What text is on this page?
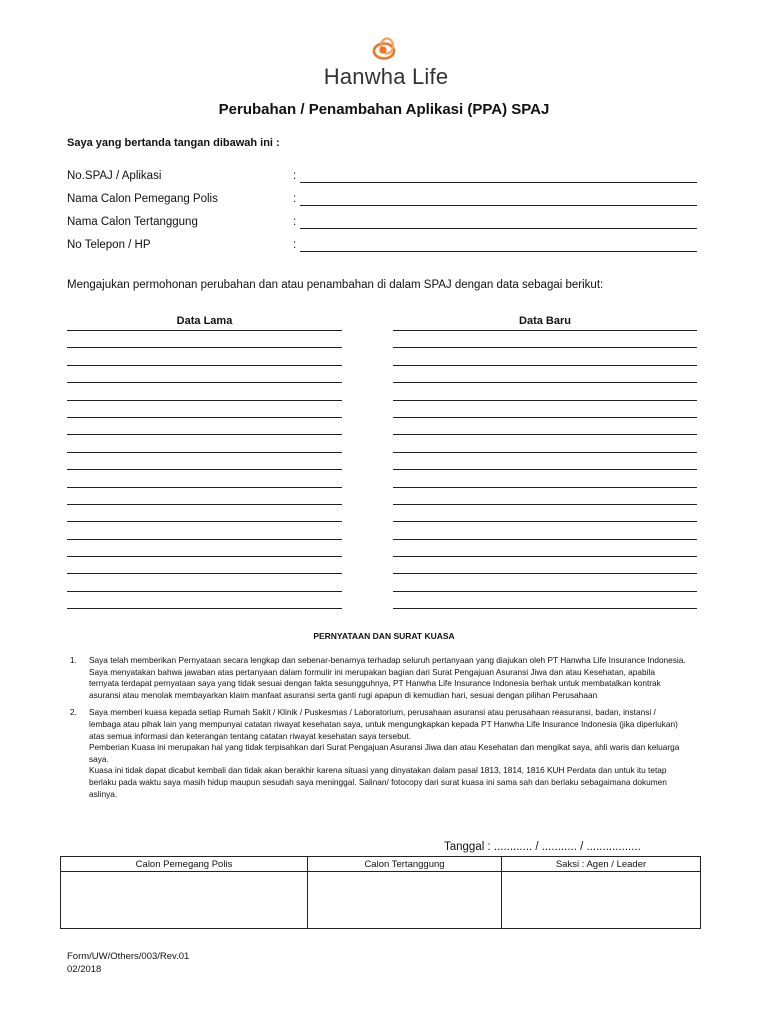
Hanwha Life
Perubahan / Penambahan Aplikasi (PPA) SPAJ
Saya yang bertanda tangan dibawah ini :
No.SPAJ / Aplikasi	:
Nama Calon Pemegang Polis	:
Nama Calon Tertanggung	:
No Telepon / HP	:
Mengajukan permohonan perubahan dan atau penambahan di dalam SPAJ dengan data sebagai berikut:
Data Lama	Data Baru
PERNYATAAN DAN SURAT KUASA
1. Saya telah memberikan Pernyataan secara lengkap dan sebenar-benarnya terhadap seluruh pertanyaan yang diajukan oleh PT Hanwha Life Insurance Indonesia. Saya menyatakan bahwa jawaban atas pertanyaan dalam formulir ini merupakan bagian dari Surat Pengajuan Asuransi Jiwa dan atau Kesehatan, apabila ternyata terdapat pernyataan saya yang tidak sesuai dengan fakta sesungguhnya, PT Hanwha Life Insurance Indonesia berhak untuk membatalkan kontrak asuransi atau menolak membayarkan klaim manfaat asuransi serta ganti rugi apapun di kemudian hari, sesuai dengan pilihan Perusahaan

2. Saya memberi kuasa kepada setiap Rumah Sakit / Klinik / Puskesmas / Laboratorium, perusahaan asuransi atau perusahaan reasuransi, badan, instansi / lembaga atau pihak lain yang mempunyai catatan riwayat kesehatan saya, untuk mengungkapkan kepada PT Hanwha Life Insurance Indonesia (jika diperlukan) atas semua informasi dan keterangan tentang catatan riwayat kesehatan saya tersebut.

Pemberian Kuasa ini merupakan hal yang tidak terpisahkan dari Surat Pengajuan Asuransi Jiwa dan atau Kesehatan dan mengikat saya, ahli waris dan keluarga saya.

Kuasa ini tidak dapat dicabut kembali dan tidak akan berakhir karena situasi yang dinyatakan dalam pasal 1813, 1814, 1816 KUH Perdata dan untuk itu tetap berlaku pada waktu saya masih hidup maupun sesudah saya meninggal. Salinan/ fotocopy dari surat kuasa ini sama sah dan berlaku sebagaimana dokumen aslinya.

Tanggal : ............ / ........... / .................
Calon Pemegang Polis	Calon Tertanggung	Saksi : Agen / Leader

Form/UW/Others/003/Rev.01
02/2018
